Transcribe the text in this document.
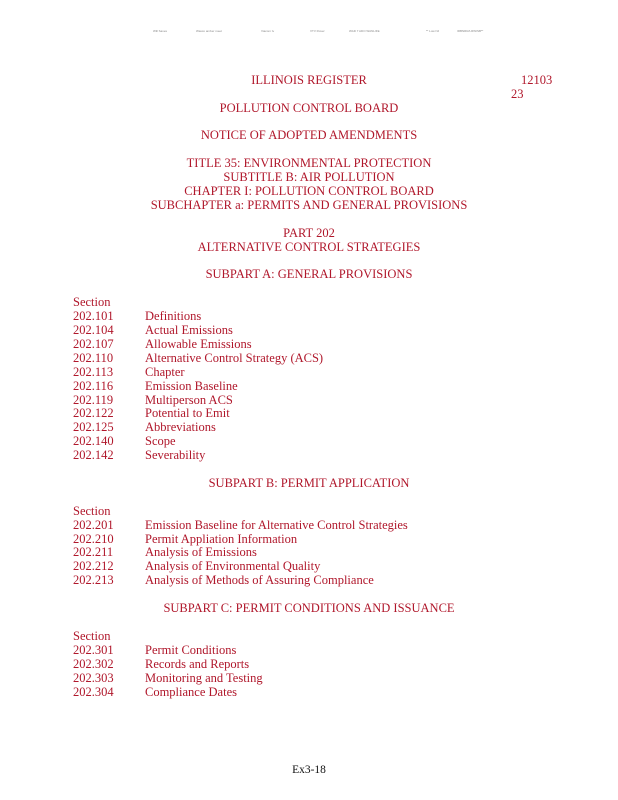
Will Saves	Wasco amber meet	Viacom tv	VTV Rover	WAD 7 ADO WANLIFE	** Low NJ	IRBNRRA RWISB**
ILLINOIS REGISTER	12103
23
POLLUTION CONTROL BOARD
NOTICE OF ADOPTED AMENDMENTS
TITLE 35: ENVIRONMENTAL PROTECTION
SUBTITLE B: AIR POLLUTION
CHAPTER I: POLLUTION CONTROL BOARD
SUBCHAPTER a: PERMITS AND GENERAL PROVISIONS
PART 202
ALTERNATIVE CONTROL STRATEGIES
SUBPART A: GENERAL PROVISIONS
Section
202.101	Definitions
202.104	Actual Emissions
202.107	Allowable Emissions
202.110	Alternative Control Strategy (ACS)
202.113	Chapter
202.116	Emission Baseline
202.119	Multiperson ACS
202.122	Potential to Emit
202.125	Abbreviations
202.140	Scope
202.142	Severability
SUBPART B: PERMIT APPLICATION
Section
202.201	Emission Baseline for Alternative Control Strategies
202.210	Permit Appliation Information
202.211	Analysis of Emissions
202.212	Analysis of Environmental Quality
202.213	Analysis of Methods of Assuring Compliance
SUBPART C: PERMIT CONDITIONS AND ISSUANCE
Section
202.301	Permit Conditions
202.302	Records and Reports
202.303	Monitoring and Testing
202.304	Compliance Dates
Ex3-18
